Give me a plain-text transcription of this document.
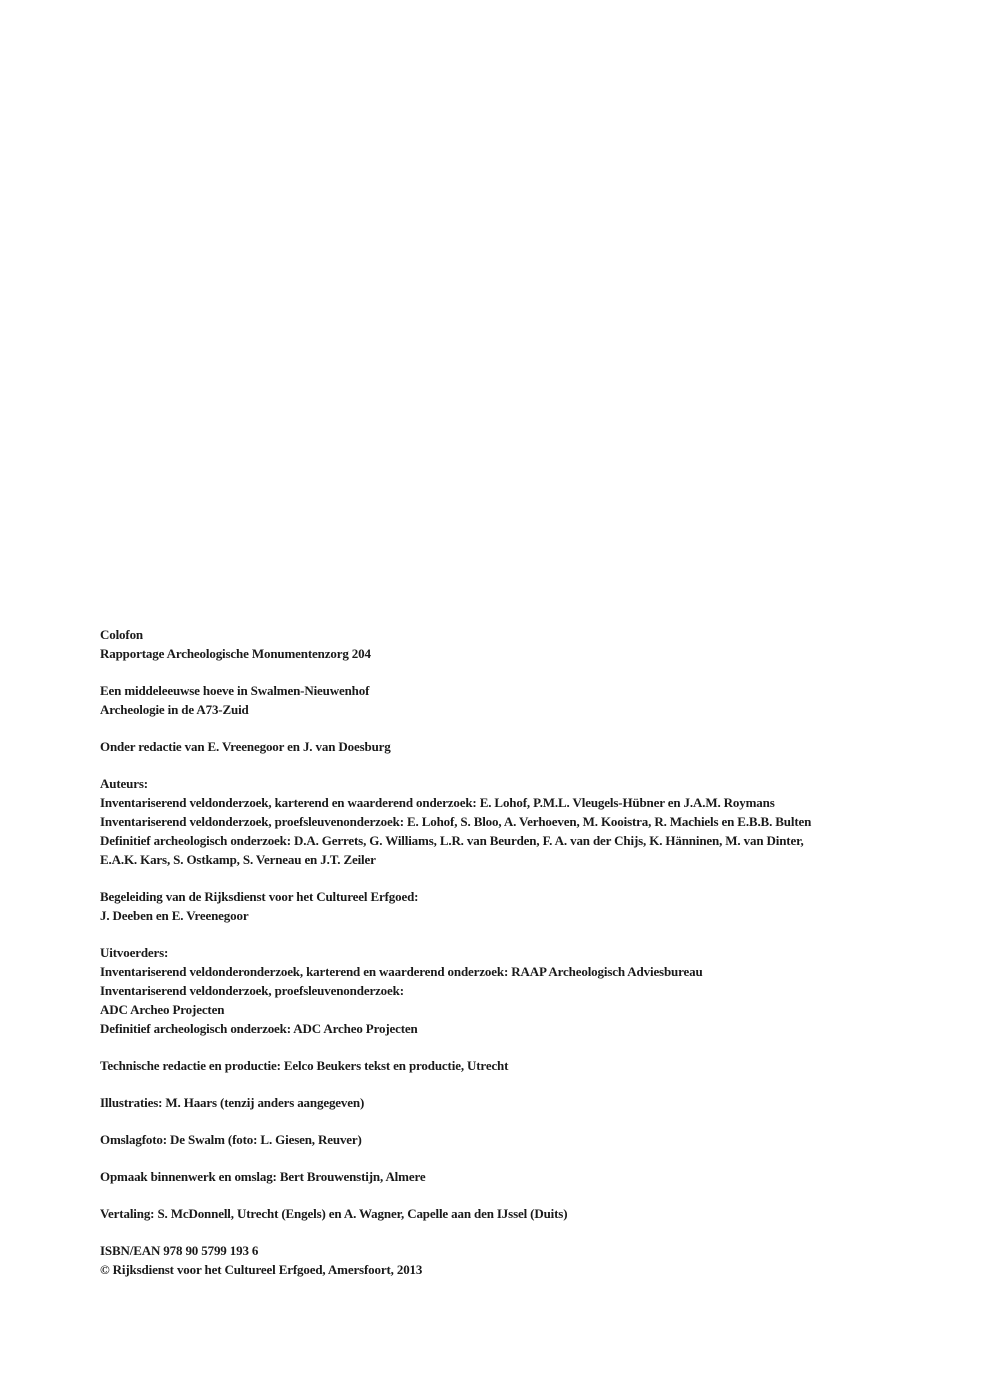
Colofon
Rapportage Archeologische Monumentenzorg 204
Een middeleeuwse hoeve in Swalmen-Nieuwenhof
Archeologie in de A73-Zuid
Onder redactie van E. Vreenegoor en J. van Doesburg
Auteurs:
Inventariserend veldonderzoek, karterend en waarderend onderzoek: E. Lohof, P.M.L. Vleugels-Hübner en J.A.M. Roymans
Inventariserend veldonderzoek, proefsleuvenonderzoek: E. Lohof, S. Bloo, A. Verhoeven, M. Kooistra, R. Machiels en E.B.B. Bulten
Definitief archeologisch onderzoek: D.A. Gerrets, G. Williams, L.R. van Beurden, F. A. van der Chijs, K. Hänninen, M. van Dinter,
E.A.K. Kars, S. Ostkamp, S. Verneau en J.T. Zeiler
Begeleiding van de Rijksdienst voor het Cultureel Erfgoed:
J. Deeben en E. Vreenegoor
Uitvoerders:
Inventariserend veldonderonderzoek, karterend en waarderend onderzoek: RAAP Archeologisch Adviesbureau
Inventariserend veldonderzoek, proefsleuvenonderzoek:
ADC Archeo Projecten
Definitief archeologisch onderzoek: ADC Archeo Projecten
Technische redactie en productie: Eelco Beukers tekst en productie, Utrecht
Illustraties: M. Haars (tenzij anders aangegeven)
Omslagfoto: De Swalm (foto: L. Giesen, Reuver)
Opmaak binnenwerk en omslag: Bert Brouwenstijn, Almere
Vertaling: S. McDonnell, Utrecht (Engels) en A. Wagner, Capelle aan den IJssel (Duits)
ISBN/EAN 978 90 5799 193 6
© Rijksdienst voor het Cultureel Erfgoed, Amersfoort, 2013
